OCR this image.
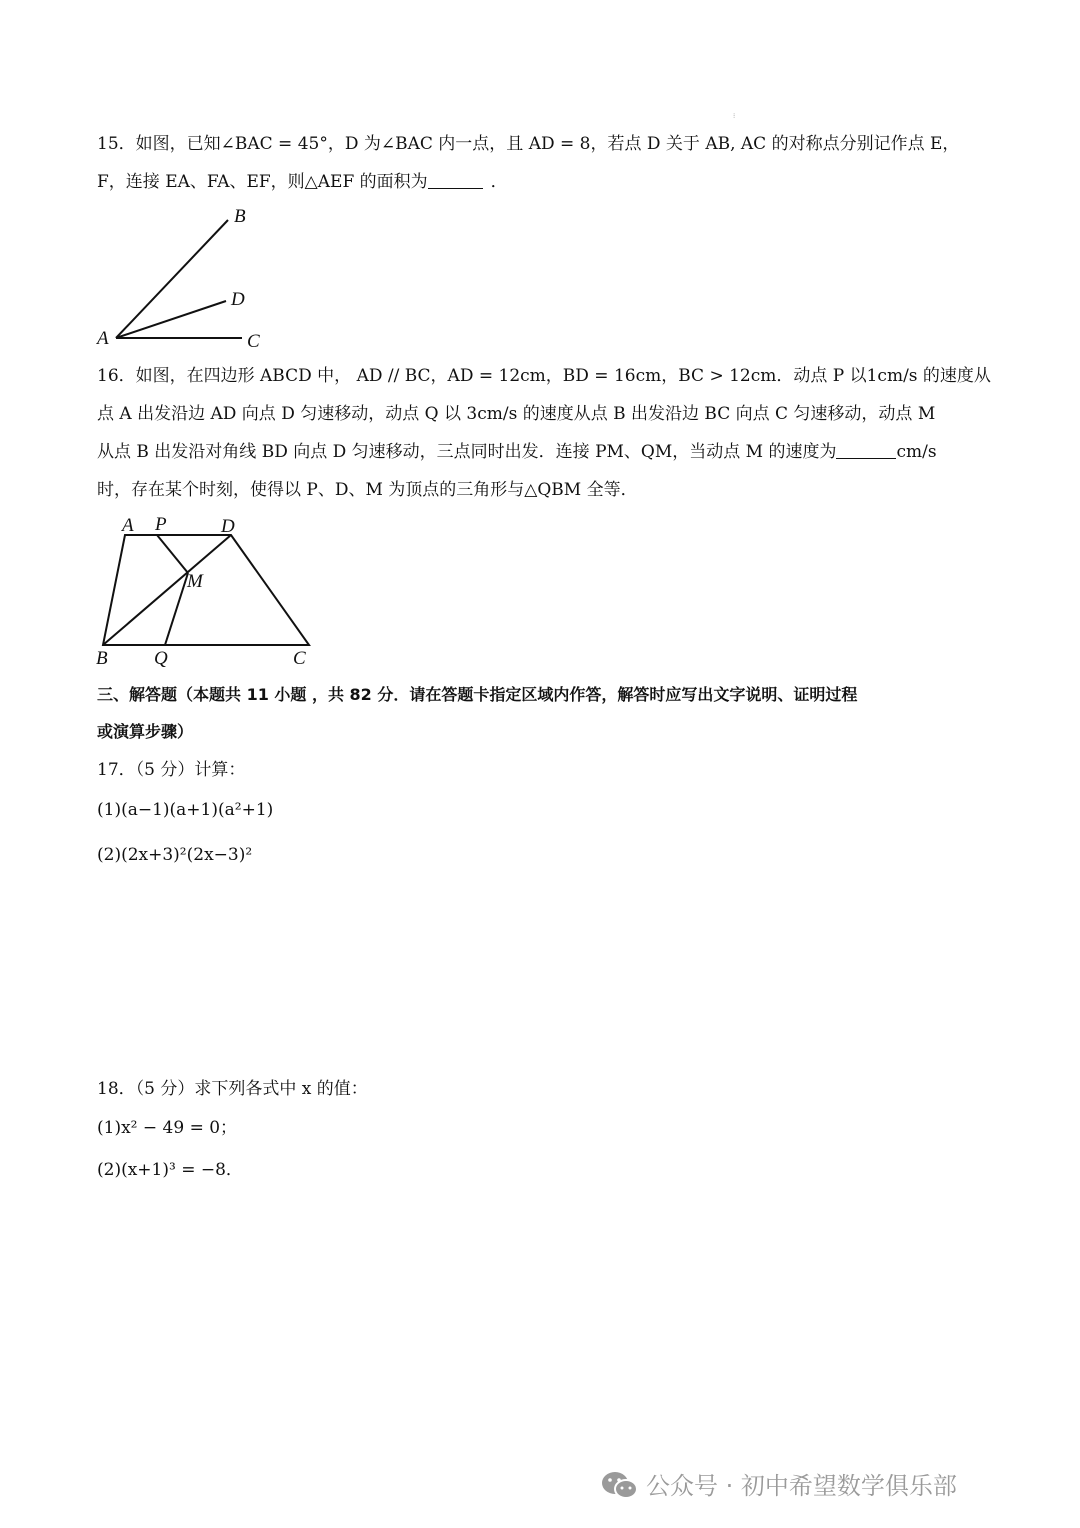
⁝
15．如图，已知∠BAC = 45°，D 为∠BAC 内一点，且 AD = 8，若点 D 关于 AB, AC 的对称点分别记作点 E，
F，连接 EA、FA、EF，则△AEF 的面积为	．
B
D
A	C
16．如图，在四边形 ABCD 中， AD // BC，AD = 12cm，BD = 16cm，BC > 12cm．动点 P 以1cm/s 的速度从
点 A 出发沿边 AD 向点 D 匀速移动，动点 Q 以 3cm/s 的速度从点 B 出发沿边 BC 向点 C 匀速移动，动点 M
从点 B 出发沿对角线 BD 向点 D 匀速移动，三点同时出发．连接 PM、QM，当动点 M 的速度为	cm/s
时，存在某个时刻，使得以 P、D、M 为顶点的三角形与△QBM 全等．
A P	D
M
B Q	C
三、解答题（本题共 11 小题 ，共 82 分．请在答题卡指定区域内作答，解答时应写出文字说明、证明过程
或演算步骤）
17．（5 分）计算：
(1)(a−1)(a+1)(a²+1)
(2)(2x+3)²(2x−3)²
18．（5 分）求下列各式中 x 的值：
(1)x² − 49 = 0；
(2)(x+1)³ = −8．
公众号 · 初中希望数学俱乐部
